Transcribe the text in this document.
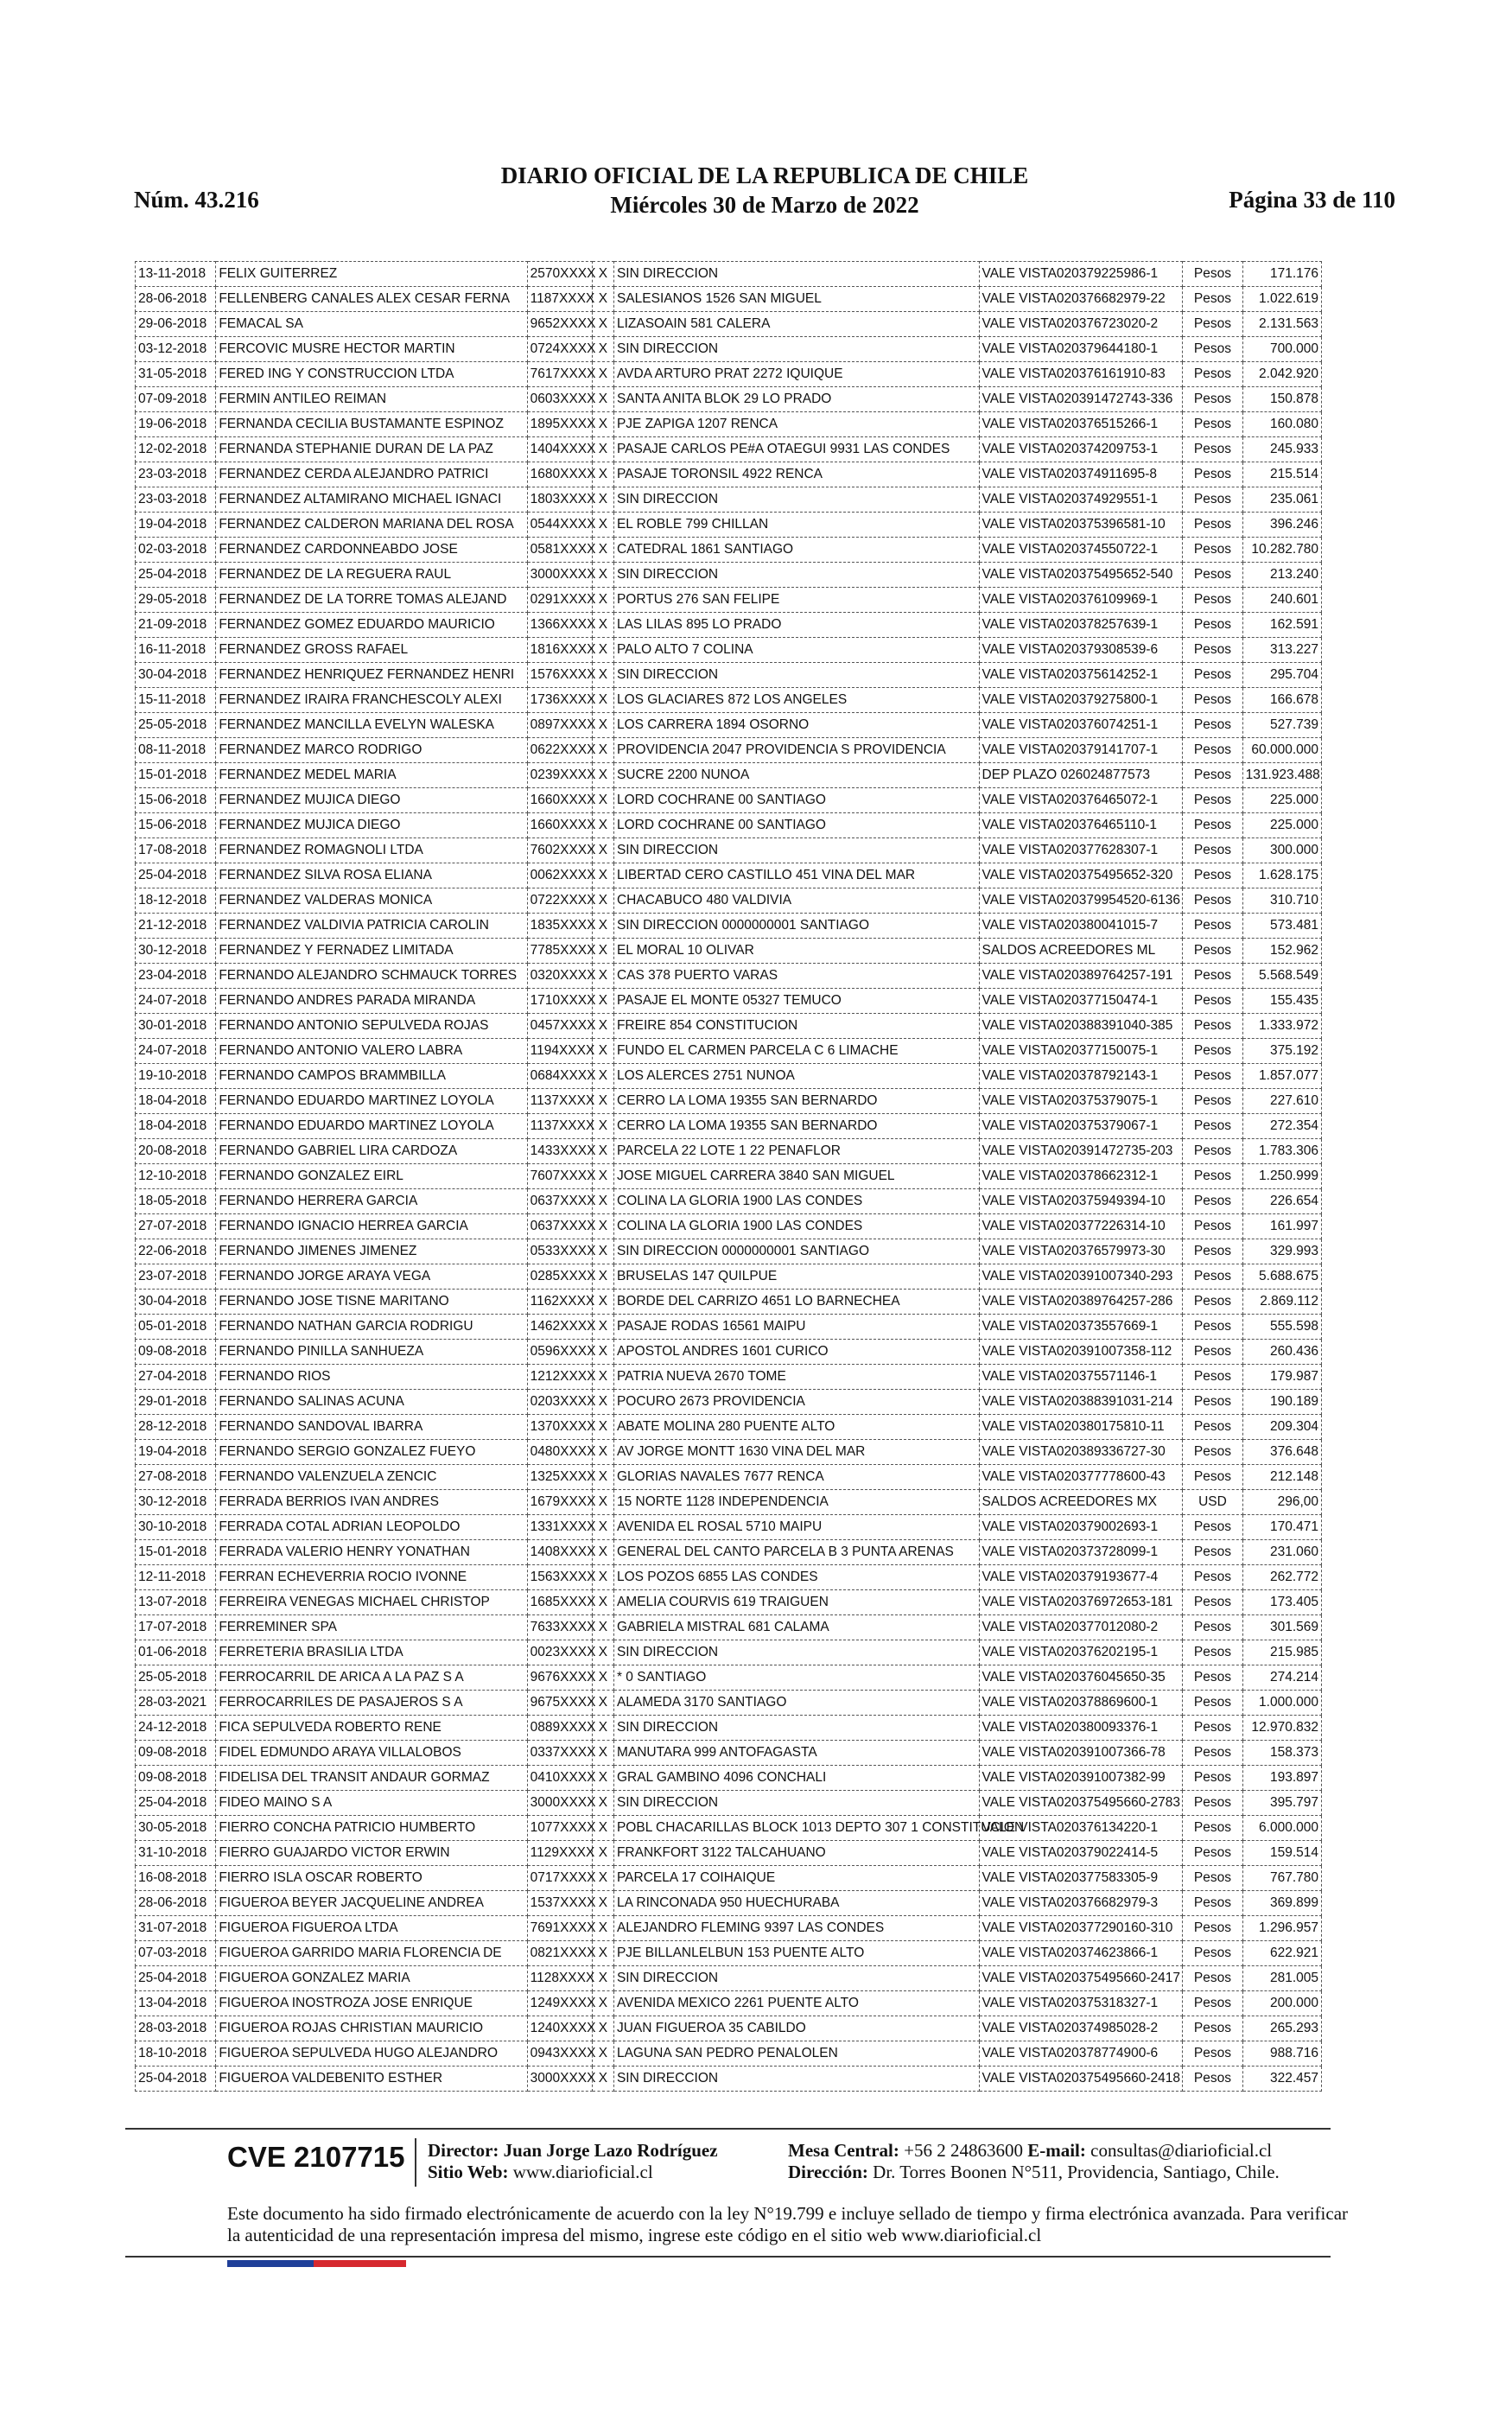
Núm. 43.216
DIARIO OFICIAL DE LA REPUBLICA DE CHILE
Miércoles 30 de Marzo de 2022	Página 33 de 110
13-11-2018	FELIX GUITERREZ	2570XXXX	X	SIN DIRECCION	VALE VISTA020379225986-1	Pesos	171.176
28-06-2018	FELLENBERG CANALES ALEX CESAR FERNA	1187XXXX	X	SALESIANOS 1526 SAN MIGUEL	VALE VISTA020376682979-22	Pesos	1.022.619
29-06-2018	FEMACAL SA	9652XXXX	X	LIZASOAIN 581 CALERA	VALE VISTA020376723020-2	Pesos	2.131.563
03-12-2018	FERCOVIC MUSRE HECTOR MARTIN	0724XXXX	X	SIN DIRECCION	VALE VISTA020379644180-1	Pesos	700.000
31-05-2018	FERED ING Y CONSTRUCCION LTDA	7617XXXX	X	AVDA ARTURO PRAT 2272 IQUIQUE	VALE VISTA020376161910-83	Pesos	2.042.920
07-09-2018	FERMIN ANTILEO REIMAN	0603XXXX	X	SANTA ANITA BLOK 29 LO PRADO	VALE VISTA020391472743-336	Pesos	150.878
19-06-2018	FERNANDA CECILIA BUSTAMANTE ESPINOZ	1895XXXX	X	PJE ZAPIGA 1207 RENCA	VALE VISTA020376515266-1	Pesos	160.080
12-02-2018	FERNANDA STEPHANIE DURAN DE LA PAZ	1404XXXX	X	PASAJE CARLOS PE#A OTAEGUI 9931 LAS CONDES	VALE VISTA020374209753-1	Pesos	245.933
23-03-2018	FERNANDEZ CERDA ALEJANDRO PATRICI	1680XXXX	X	PASAJE TORONSIL 4922 RENCA	VALE VISTA020374911695-8	Pesos	215.514
23-03-2018	FERNANDEZ ALTAMIRANO MICHAEL IGNACI	1803XXXX	X	SIN DIRECCION	VALE VISTA020374929551-1	Pesos	235.061
19-04-2018	FERNANDEZ CALDERON MARIANA DEL ROSA	0544XXXX	X	EL ROBLE 799 CHILLAN	VALE VISTA020375396581-10	Pesos	396.246
02-03-2018	FERNANDEZ CARDONNEABDO JOSE	0581XXXX	X	CATEDRAL 1861 SANTIAGO	VALE VISTA020374550722-1	Pesos	10.282.780
25-04-2018	FERNANDEZ DE LA REGUERA RAUL	3000XXXX	X	SIN DIRECCION	VALE VISTA020375495652-540	Pesos	213.240
29-05-2018	FERNANDEZ DE LA TORRE TOMAS ALEJAND	0291XXXX	X	PORTUS 276 SAN FELIPE	VALE VISTA020376109969-1	Pesos	240.601
21-09-2018	FERNANDEZ GOMEZ EDUARDO MAURICIO	1366XXXX	X	LAS LILAS 895 LO PRADO	VALE VISTA020378257639-1	Pesos	162.591
16-11-2018	FERNANDEZ GROSS RAFAEL	1816XXXX	X	PALO ALTO 7 COLINA	VALE VISTA020379308539-6	Pesos	313.227
30-04-2018	FERNANDEZ HENRIQUEZ FERNANDEZ HENRI	1576XXXX	X	SIN DIRECCION	VALE VISTA020375614252-1	Pesos	295.704
15-11-2018	FERNANDEZ IRAIRA FRANCHESCOLY ALEXI	1736XXXX	X	LOS GLACIARES 872 LOS ANGELES	VALE VISTA020379275800-1	Pesos	166.678
25-05-2018	FERNANDEZ MANCILLA EVELYN WALESKA	0897XXXX	X	LOS CARRERA 1894 OSORNO	VALE VISTA020376074251-1	Pesos	527.739
08-11-2018	FERNANDEZ MARCO RODRIGO	0622XXXX	X	PROVIDENCIA 2047 PROVIDENCIA S PROVIDENCIA	VALE VISTA020379141707-1	Pesos	60.000.000
15-01-2018	FERNANDEZ MEDEL MARIA	0239XXXX	X	SUCRE 2200 NUNOA	DEP PLAZO 026024877573	Pesos	131.923.488
15-06-2018	FERNANDEZ MUJICA DIEGO	1660XXXX	X	LORD COCHRANE 00 SANTIAGO	VALE VISTA020376465072-1	Pesos	225.000
15-06-2018	FERNANDEZ MUJICA DIEGO	1660XXXX	X	LORD COCHRANE 00 SANTIAGO	VALE VISTA020376465110-1	Pesos	225.000
17-08-2018	FERNANDEZ ROMAGNOLI LTDA	7602XXXX	X	SIN DIRECCION	VALE VISTA020377628307-1	Pesos	300.000
25-04-2018	FERNANDEZ SILVA ROSA ELIANA	0062XXXX	X	LIBERTAD CERO CASTILLO 451 VINA DEL MAR	VALE VISTA020375495652-320	Pesos	1.628.175
18-12-2018	FERNANDEZ VALDERAS MONICA	0722XXXX	X	CHACABUCO 480 VALDIVIA	VALE VISTA020379954520-6136	Pesos	310.710
21-12-2018	FERNANDEZ VALDIVIA PATRICIA CAROLIN	1835XXXX	X	SIN DIRECCION 0000000001 SANTIAGO	VALE VISTA020380041015-7	Pesos	573.481
30-12-2018	FERNANDEZ Y FERNADEZ LIMITADA	7785XXXX	X	EL MORAL 10 OLIVAR	SALDOS ACREEDORES ML	Pesos	152.962
23-04-2018	FERNANDO ALEJANDRO SCHMAUCK TORRES	0320XXXX	X	CAS 378 PUERTO VARAS	VALE VISTA020389764257-191	Pesos	5.568.549
24-07-2018	FERNANDO ANDRES PARADA MIRANDA	1710XXXX	X	PASAJE EL MONTE 05327 TEMUCO	VALE VISTA020377150474-1	Pesos	155.435
30-01-2018	FERNANDO ANTONIO SEPULVEDA ROJAS	0457XXXX	X	FREIRE 854 CONSTITUCION	VALE VISTA020388391040-385	Pesos	1.333.972
24-07-2018	FERNANDO ANTONIO VALERO LABRA	1194XXXX	X	FUNDO EL CARMEN PARCELA C 6 LIMACHE	VALE VISTA020377150075-1	Pesos	375.192
19-10-2018	FERNANDO CAMPOS BRAMMBILLA	0684XXXX	X	LOS ALERCES 2751 NUNOA	VALE VISTA020378792143-1	Pesos	1.857.077
18-04-2018	FERNANDO EDUARDO MARTINEZ LOYOLA	1137XXXX	X	CERRO LA LOMA 19355 SAN BERNARDO	VALE VISTA020375379075-1	Pesos	227.610
18-04-2018	FERNANDO EDUARDO MARTINEZ LOYOLA	1137XXXX	X	CERRO LA LOMA 19355 SAN BERNARDO	VALE VISTA020375379067-1	Pesos	272.354
20-08-2018	FERNANDO GABRIEL LIRA CARDOZA	1433XXXX	X	PARCELA 22 LOTE 1 22 PENAFLOR	VALE VISTA020391472735-203	Pesos	1.783.306
12-10-2018	FERNANDO GONZALEZ EIRL	7607XXXX	X	JOSE MIGUEL CARRERA 3840 SAN MIGUEL	VALE VISTA020378662312-1	Pesos	1.250.999
18-05-2018	FERNANDO HERRERA GARCIA	0637XXXX	X	COLINA LA GLORIA 1900 LAS CONDES	VALE VISTA020375949394-10	Pesos	226.654
27-07-2018	FERNANDO IGNACIO HERREA GARCIA	0637XXXX	X	COLINA LA GLORIA 1900 LAS CONDES	VALE VISTA020377226314-10	Pesos	161.997
22-06-2018	FERNANDO JIMENES JIMENEZ	0533XXXX	X	SIN DIRECCION 0000000001 SANTIAGO	VALE VISTA020376579973-30	Pesos	329.993
23-07-2018	FERNANDO JORGE ARAYA VEGA	0285XXXX	X	BRUSELAS 147 QUILPUE	VALE VISTA020391007340-293	Pesos	5.688.675
30-04-2018	FERNANDO JOSE TISNE MARITANO	1162XXXX	X	BORDE DEL CARRIZO 4651 LO BARNECHEA	VALE VISTA020389764257-286	Pesos	2.869.112
05-01-2018	FERNANDO NATHAN GARCIA RODRIGU	1462XXXX	X	PASAJE RODAS 16561 MAIPU	VALE VISTA020373557669-1	Pesos	555.598
09-08-2018	FERNANDO PINILLA SANHUEZA	0596XXXX	X	APOSTOL ANDRES 1601 CURICO	VALE VISTA020391007358-112	Pesos	260.436
27-04-2018	FERNANDO RIOS	1212XXXX	X	PATRIA NUEVA 2670 TOME	VALE VISTA020375571146-1	Pesos	179.987
29-01-2018	FERNANDO SALINAS ACUNA	0203XXXX	X	POCURO 2673 PROVIDENCIA	VALE VISTA020388391031-214	Pesos	190.189
28-12-2018	FERNANDO SANDOVAL IBARRA	1370XXXX	X	ABATE MOLINA 280 PUENTE ALTO	VALE VISTA020380175810-11	Pesos	209.304
19-04-2018	FERNANDO SERGIO GONZALEZ FUEYO	0480XXXX	X	AV JORGE MONTT 1630 VINA DEL MAR	VALE VISTA020389336727-30	Pesos	376.648
27-08-2018	FERNANDO VALENZUELA ZENCIC	1325XXXX	X	GLORIAS NAVALES 7677 RENCA	VALE VISTA020377778600-43	Pesos	212.148
30-12-2018	FERRADA BERRIOS IVAN ANDRES	1679XXXX	X	15 NORTE 1128 INDEPENDENCIA	SALDOS ACREEDORES MX	USD	296,00
30-10-2018	FERRADA COTAL ADRIAN LEOPOLDO	1331XXXX	X	AVENIDA EL ROSAL 5710 MAIPU	VALE VISTA020379002693-1	Pesos	170.471
15-01-2018	FERRADA VALERIO HENRY YONATHAN	1408XXXX	X	GENERAL DEL CANTO PARCELA B 3 PUNTA ARENAS	VALE VISTA020373728099-1	Pesos	231.060
12-11-2018	FERRAN ECHEVERRIA ROCIO IVONNE	1563XXXX	X	LOS POZOS 6855 LAS CONDES	VALE VISTA020379193677-4	Pesos	262.772
13-07-2018	FERREIRA VENEGAS MICHAEL CHRISTOP	1685XXXX	X	AMELIA COURVIS 619 TRAIGUEN	VALE VISTA020376972653-181	Pesos	173.405
17-07-2018	FERREMINER SPA	7633XXXX	X	GABRIELA MISTRAL 681 CALAMA	VALE VISTA020377012080-2	Pesos	301.569
01-06-2018	FERRETERIA BRASILIA LTDA	0023XXXX	X	SIN DIRECCION	VALE VISTA020376202195-1	Pesos	215.985
25-05-2018	FERROCARRIL DE ARICA A LA PAZ S A	9676XXXX	X	* 0 SANTIAGO	VALE VISTA020376045650-35	Pesos	274.214
28-03-2021	FERROCARRILES DE PASAJEROS S A	9675XXXX	X	ALAMEDA 3170 SANTIAGO	VALE VISTA020378869600-1	Pesos	1.000.000
24-12-2018	FICA SEPULVEDA ROBERTO RENE	0889XXXX	X	SIN DIRECCION	VALE VISTA020380093376-1	Pesos	12.970.832
09-08-2018	FIDEL EDMUNDO ARAYA VILLALOBOS	0337XXXX	X	MANUTARA 999 ANTOFAGASTA	VALE VISTA020391007366-78	Pesos	158.373
09-08-2018	FIDELISA DEL TRANSIT ANDAUR GORMAZ	0410XXXX	X	GRAL GAMBINO 4096 CONCHALI	VALE VISTA020391007382-99	Pesos	193.897
25-04-2018	FIDEO MAINO S A	3000XXXX	X	SIN DIRECCION	VALE VISTA020375495660-2783	Pesos	395.797
30-05-2018	FIERRO CONCHA PATRICIO HUMBERTO	1077XXXX	X	POBL CHACARILLAS BLOCK 1013 DEPTO 307 1 CONSTITUCION	VALE VISTA020376134220-1	Pesos	6.000.000
31-10-2018	FIERRO GUAJARDO VICTOR ERWIN	1129XXXX	X	FRANKFORT 3122 TALCAHUANO	VALE VISTA020379022414-5	Pesos	159.514
16-08-2018	FIERRO ISLA OSCAR ROBERTO	0717XXXX	X	PARCELA 17 COIHAIQUE	VALE VISTA020377583305-9	Pesos	767.780
28-06-2018	FIGUEROA BEYER JACQUELINE ANDREA	1537XXXX	X	LA RINCONADA 950 HUECHURABA	VALE VISTA020376682979-3	Pesos	369.899
31-07-2018	FIGUEROA FIGUEROA LTDA	7691XXXX	X	ALEJANDRO FLEMING 9397 LAS CONDES	VALE VISTA020377290160-310	Pesos	1.296.957
07-03-2018	FIGUEROA GARRIDO MARIA FLORENCIA DE	0821XXXX	X	PJE BILLANLELBUN 153 PUENTE ALTO	VALE VISTA020374623866-1	Pesos	622.921
25-04-2018	FIGUEROA GONZALEZ MARIA	1128XXXX	X	SIN DIRECCION	VALE VISTA020375495660-2417	Pesos	281.005
13-04-2018	FIGUEROA INOSTROZA JOSE ENRIQUE	1249XXXX	X	AVENIDA MEXICO 2261 PUENTE ALTO	VALE VISTA020375318327-1	Pesos	200.000
28-03-2018	FIGUEROA ROJAS CHRISTIAN MAURICIO	1240XXXX	X	JUAN FIGUEROA 35 CABILDO	VALE VISTA020374985028-2	Pesos	265.293
18-10-2018	FIGUEROA SEPULVEDA HUGO ALEJANDRO	0943XXXX	X	LAGUNA SAN PEDRO PENALOLEN	VALE VISTA020378774900-6	Pesos	988.716
25-04-2018	FIGUEROA VALDEBENITO ESTHER	3000XXXX	X	SIN DIRECCION	VALE VISTA020375495660-2418	Pesos	322.457
CVE 2107715 Director: Juan Jorge Lazo Rodríguez
Sitio Web: www.diarioficial.cl
Mesa Central: +56 2 24863600 E-mail: consultas@diarioficial.cl
Dirección: Dr. Torres Boonen N°511, Providencia, Santiago, Chile.
Este documento ha sido firmado electrónicamente de acuerdo con la ley N°19.799 e incluye sellado de tiempo y firma electrónica avanzada. Para verificar la autenticidad de una representación impresa del mismo, ingrese este código en el sitio web www.diarioficial.cl
